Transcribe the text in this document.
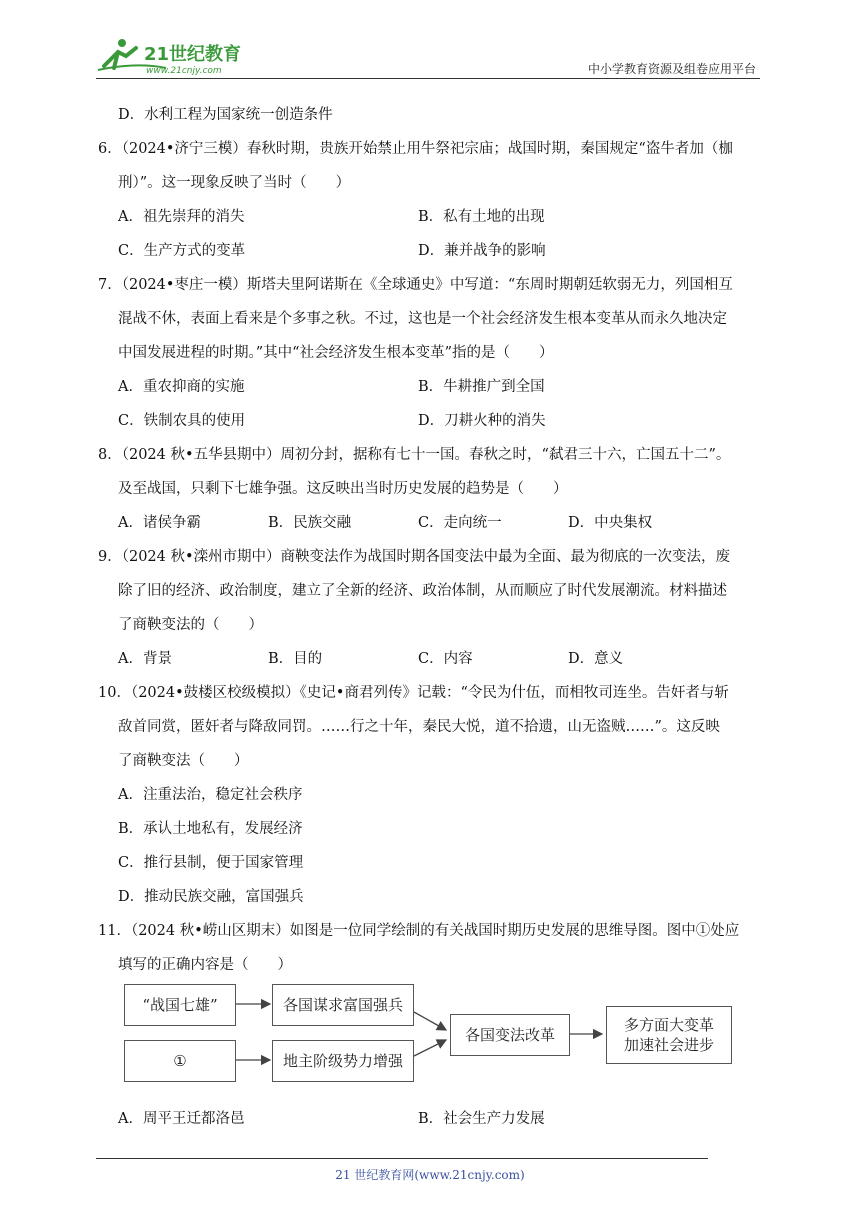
21世纪教育
www.21cnjy.com	中小学教育资源及组卷应用平台
D．水利工程为国家统一创造条件
6．（2024•济宁三模）春秋时期，贵族开始禁止用牛祭祀宗庙；战国时期，秦国规定“盗牛者加（枷
刑）”。这一现象反映了当时（　　）
A．祖先崇拜的消失	B．私有土地的出现
C．生产方式的变革	D．兼并战争的影响
7．（2024•枣庄一模）斯塔夫里阿诺斯在《全球通史》中写道：“东周时期朝廷软弱无力，列国相互
混战不休，表面上看来是个多事之秋。不过，这也是一个社会经济发生根本变革从而永久地决定
中国发展进程的时期。”其中“社会经济发生根本变革”指的是（　　）
A．重农抑商的实施	B．牛耕推广到全国
C．铁制农具的使用	D．刀耕火种的消失
8．（2024 秋•五华县期中）周初分封，据称有七十一国。春秋之时，“弑君三十六，亡国五十二”。
及至战国，只剩下七雄争强。这反映出当时历史发展的趋势是（　　）
A．诸侯争霸	B．民族交融	C．走向统一	D．中央集权
9．（2024 秋•滦州市期中）商鞅变法作为战国时期各国变法中最为全面、最为彻底的一次变法，废
除了旧的经济、政治制度，建立了全新的经济、政治体制，从而顺应了时代发展潮流。材料描述
了商鞅变法的（　　）
A．背景	B．目的	C．内容	D．意义
10．（2024•鼓楼区校级模拟）《史记•商君列传》记载：“令民为什伍，而相牧司连坐。告奸者与斩
敌首同赏，匿奸者与降敌同罚。……行之十年，秦民大悦，道不拾遗，山无盗贼……”。这反映
了商鞅变法（　　）
A．注重法治，稳定社会秩序
B．承认土地私有，发展经济
C．推行县制，便于国家管理
D．推动民族交融，富国强兵
11．（2024 秋•崂山区期末）如图是一位同学绘制的有关战国时期历史发展的思维导图。图中①处应
填写的正确内容是（　　）
“战国七雄”	各国谋求富国强兵
①	地主阶级势力增强
各国变法改革
多方面大变革
加速社会进步
A．周平王迁都洛邑	B．社会生产力发展
21 世纪教育网(www.21cnjy.com)
